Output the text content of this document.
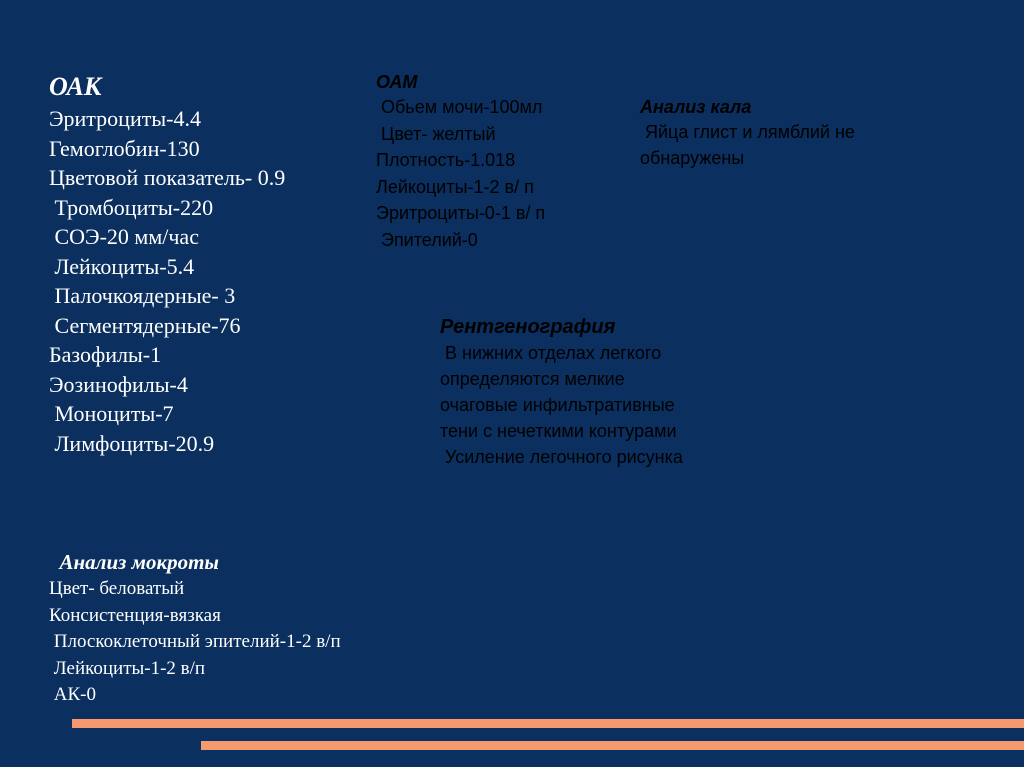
ОАК
Эритроциты-4.4
Гемоглобин-130
Цветовой показатель- 0.9
Тромбоциты-220
СОЭ-20 мм/час
Лейкоциты-5.4
Палочкоядерные- 3
Сегментядерные-76
Базофилы-1
Эозинофилы-4
Моноциты-7
Лимфоциты-20.9
ОАМ
Обьем мочи-100мл
Цвет- желтый
Плотность-1.018
Лейкоциты-1-2 в/ п
Эритроциты-0-1 в/ п
Эпителий-0
Анализ кала
Яйца глист и лямблий не
обнаружены
Рентгенография
В нижних отделах легкого
определяются мелкие
очаговые инфильтративные
тени с нечеткими контурами
Усиление легочного рисунка
Анализ мокроты
Цвет- беловатый
Консистенция-вязкая
Плоскоклеточный эпителий-1-2 в/п
Лейкоциты-1-2 в/п
АК-0
